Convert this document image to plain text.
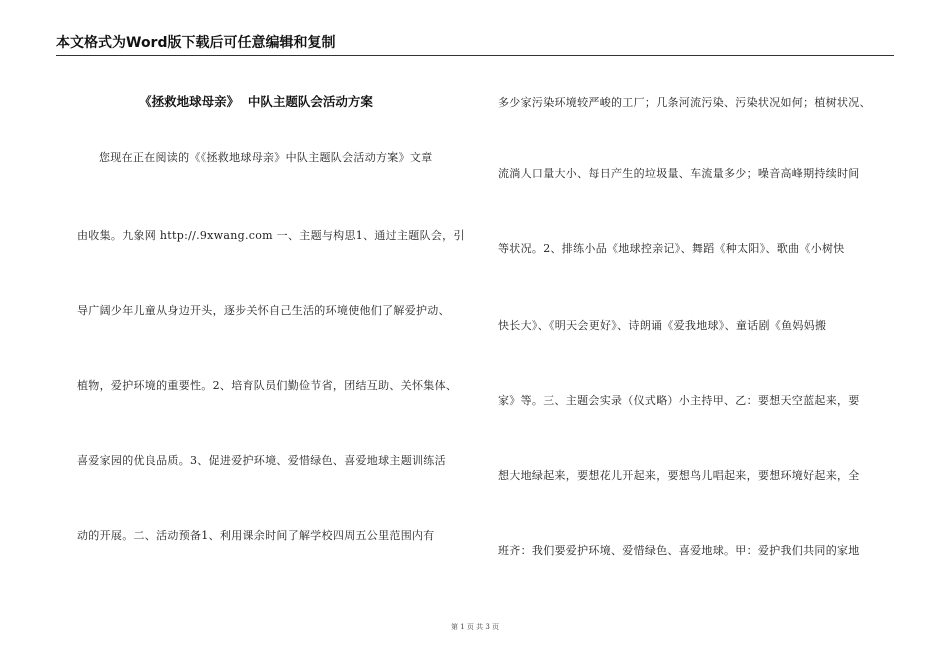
本文格式为Word版下载后可任意编辑和复制
《拯救地球母亲》  中队主题队会活动方案
您现在正在阅读的《《拯救地球母亲》中队主题队会活动方案》文章
由收集。九象网 http://.9xwang.com 一、主题与构思1、通过主题队会，引
导广阔少年儿童从身边开头，逐步关怀自己生活的环境使他们了解爱护动、
植物，爱护环境的重要性。2、培育队员们勤俭节省，团结互助、关怀集体、
喜爱家园的优良品质。3、促进爱护环境、爱惜绿色、喜爱地球主题训练活
动的开展。二、活动预备1、利用课余时间了解学校四周五公里范围内有
多少家污染环境较严峻的工厂；几条河流污染、污染状况如何；植树状况、
流淌人口量大小、每日产生的垃圾量、车流量多少；噪音高峰期持续时间
等状况。2、排练小品《地球控亲记》、舞蹈《种太阳》、歌曲《小树快
快长大》、《明天会更好》、诗朗诵《爱我地球》、童话剧《鱼妈妈搬
家》等。三、主题会实录（仪式略）小主持甲、乙：要想天空蓝起来，要
想大地绿起来，要想花儿开起来，要想鸟儿唱起来，要想环境好起来，全
班齐：我们要爱护环境、爱惜绿色、喜爱地球。甲：爱护我们共同的家地
第 1 页 共 3 页
